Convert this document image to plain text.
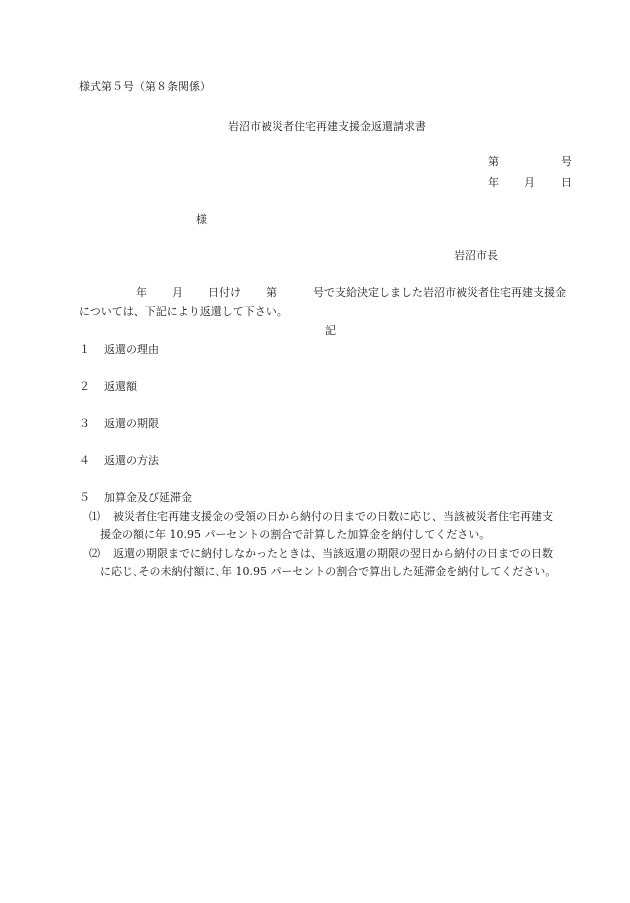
様式第５号（第８条関係）
岩沼市被災者住宅再建支援金返還請求書
第	号
年 月 日
様
岩沼市長
年 月 日付け 第	号で支給決定しました岩沼市被災者住宅再建支援金
については、下記により返還して下さい。
記
１	返還の理由
２	返還額
３	返還の期限
４	返還の方法
５	加算金及び延滞金
⑴ 被災者住宅再建支援金の受領の日から納付の日までの日数に応じ、当該被災者住宅再建支
援金の額に年 10.95 パーセントの割合で計算した加算金を納付してください。
⑵ 返還の期限までに納付しなかったときは、当該返還の期限の翌日から納付の日までの日数
に応じ､その未納付額に､年 10.95 パーセントの割合で算出した延滞金を納付してください。
